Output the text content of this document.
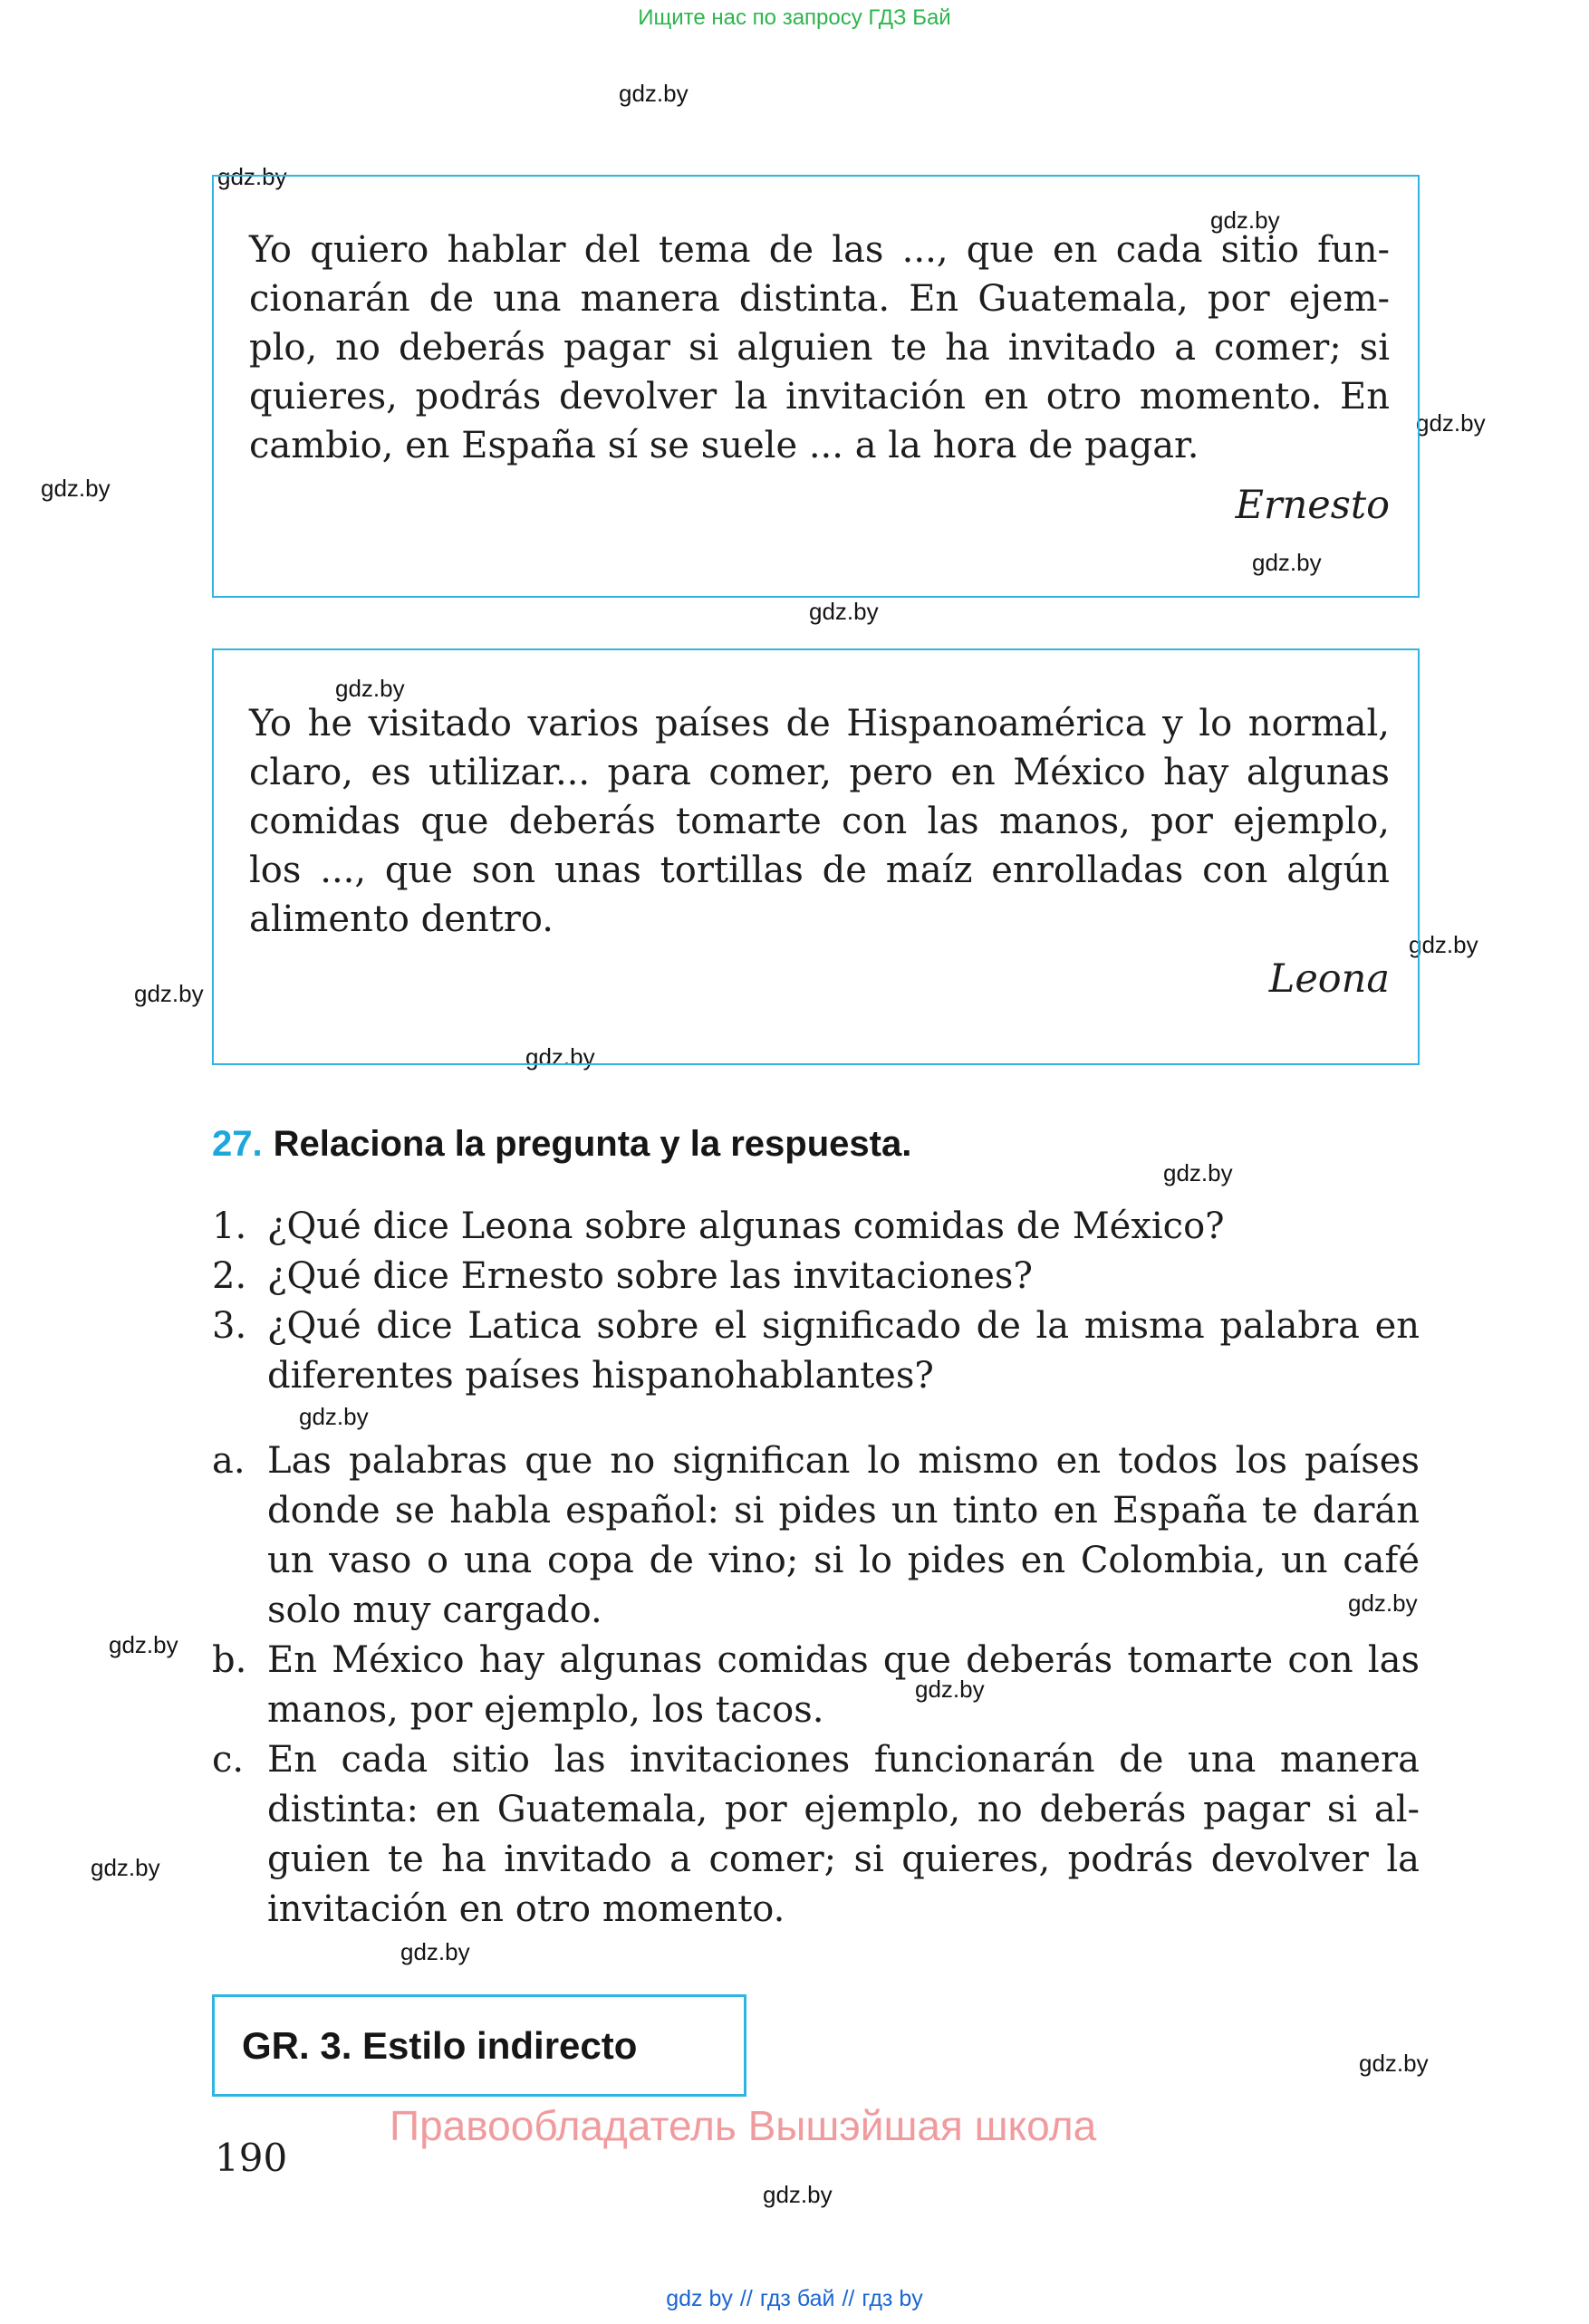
Ищите нас по запросу ГДЗ Бай
gdz.by
gdz.by
gdz.by
gdz.by
gdz.by
gdz.by
gdz.by
gdz.by
gdz.by
gdz.by
gdz.by
gdz.by
gdz.by
gdz.by
gdz.by
gdz.by
gdz.by
gdz.by
gdz.by
gdz.by
Yo quiero hablar del tema de las ..., que en cada sitio fun-
cionarán de una manera distinta. En Guatemala, por ejem-
plo, no deberás pagar si alguien te ha invitado a comer; si
quieres, podrás devolver la invitación en otro momento. En
cambio, en España sí se suele ... a la hora de pagar.
Ernesto
Yo he visitado varios países de Hispanoamérica y lo normal,
claro, es utilizar... para comer, pero en México hay algunas
comidas que deberás tomarte con las manos, por ejemplo,
los ..., que son unas tortillas de maíz enrolladas con algún
alimento dentro.
Leona
27. Relaciona la pregunta y la respuesta.
1. ¿Qué dice Leona sobre algunas comidas de México?
2. ¿Qué dice Ernesto sobre las invitaciones?
3. ¿Qué dice Latica sobre el significado de la misma palabra en
diferentes países hispanohablantes?
a. Las palabras que no significan lo mismo en todos los países
donde se habla español: si pides un tinto en España te darán
un vaso o una copa de vino; si lo pides en Colombia, un café
solo muy cargado.
b. En México hay algunas comidas que deberás tomarte con las
manos, por ejemplo, los tacos.
c. En cada sitio las invitaciones funcionarán de una manera
distinta: en Guatemala, por ejemplo, no deberás pagar si al-
guien te ha invitado a comer; si quieres, podrás devolver la
invitación en otro momento.
GR. 3. Estilo indirecto
Правообладатель Вышэйшая школа
190
gdz by // гдз бай // гдз by
